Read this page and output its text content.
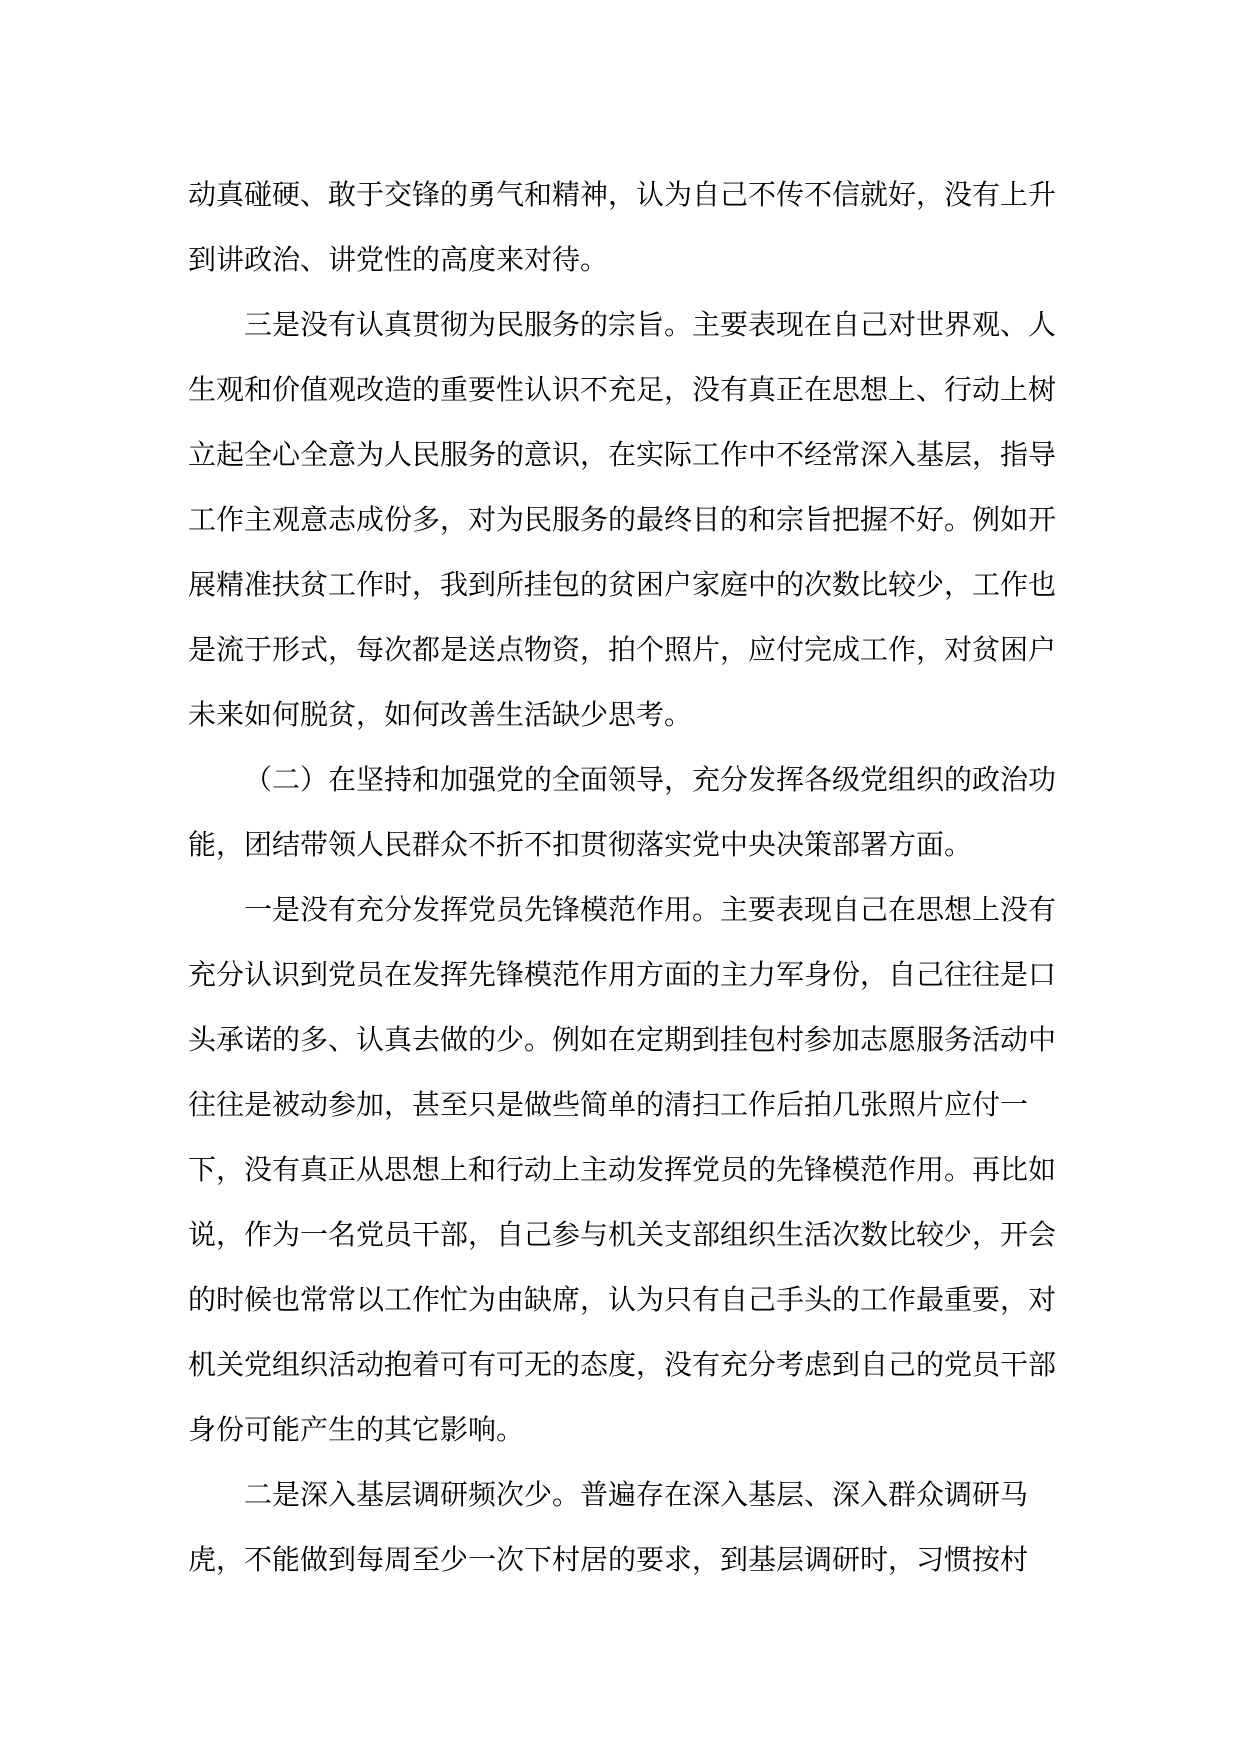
动真碰硬、敢于交锋的勇气和精神，认为自己不传不信就好，没有上升到讲政治、讲党性的高度来对待。

三是没有认真贯彻为民服务的宗旨。主要表现在自己对世界观、人生观和价值观改造的重要性认识不充足，没有真正在思想上、行动上树立起全心全意为人民服务的意识，在实际工作中不经常深入基层，指导工作主观意志成份多，对为民服务的最终目的和宗旨把握不好。例如开展精准扶贫工作时，我到所挂包的贫困户家庭中的次数比较少，工作也是流于形式，每次都是送点物资，拍个照片，应付完成工作，对贫困户未来如何脱贫，如何改善生活缺少思考。

（二）在坚持和加强党的全面领导，充分发挥各级党组织的政治功能，团结带领人民群众不折不扣贯彻落实党中央决策部署方面。

一是没有充分发挥党员先锋模范作用。主要表现自己在思想上没有充分认识到党员在发挥先锋模范作用方面的主力军身份，自己往往是口头承诺的多、认真去做的少。例如在定期到挂包村参加志愿服务活动中往往是被动参加，甚至只是做些简单的清扫工作后拍几张照片应付一下，没有真正从思想上和行动上主动发挥党员的先锋模范作用。再比如说，作为一名党员干部，自己参与机关支部组织生活次数比较少，开会的时候也常常以工作忙为由缺席，认为只有自己手头的工作最重要，对机关党组织活动抱着可有可无的态度，没有充分考虑到自己的党员干部身份可能产生的其它影响。

二是深入基层调研频次少。普遍存在深入基层、深入群众调研马虎，不能做到每周至少一次下村居的要求，到基层调研时，习惯按村
